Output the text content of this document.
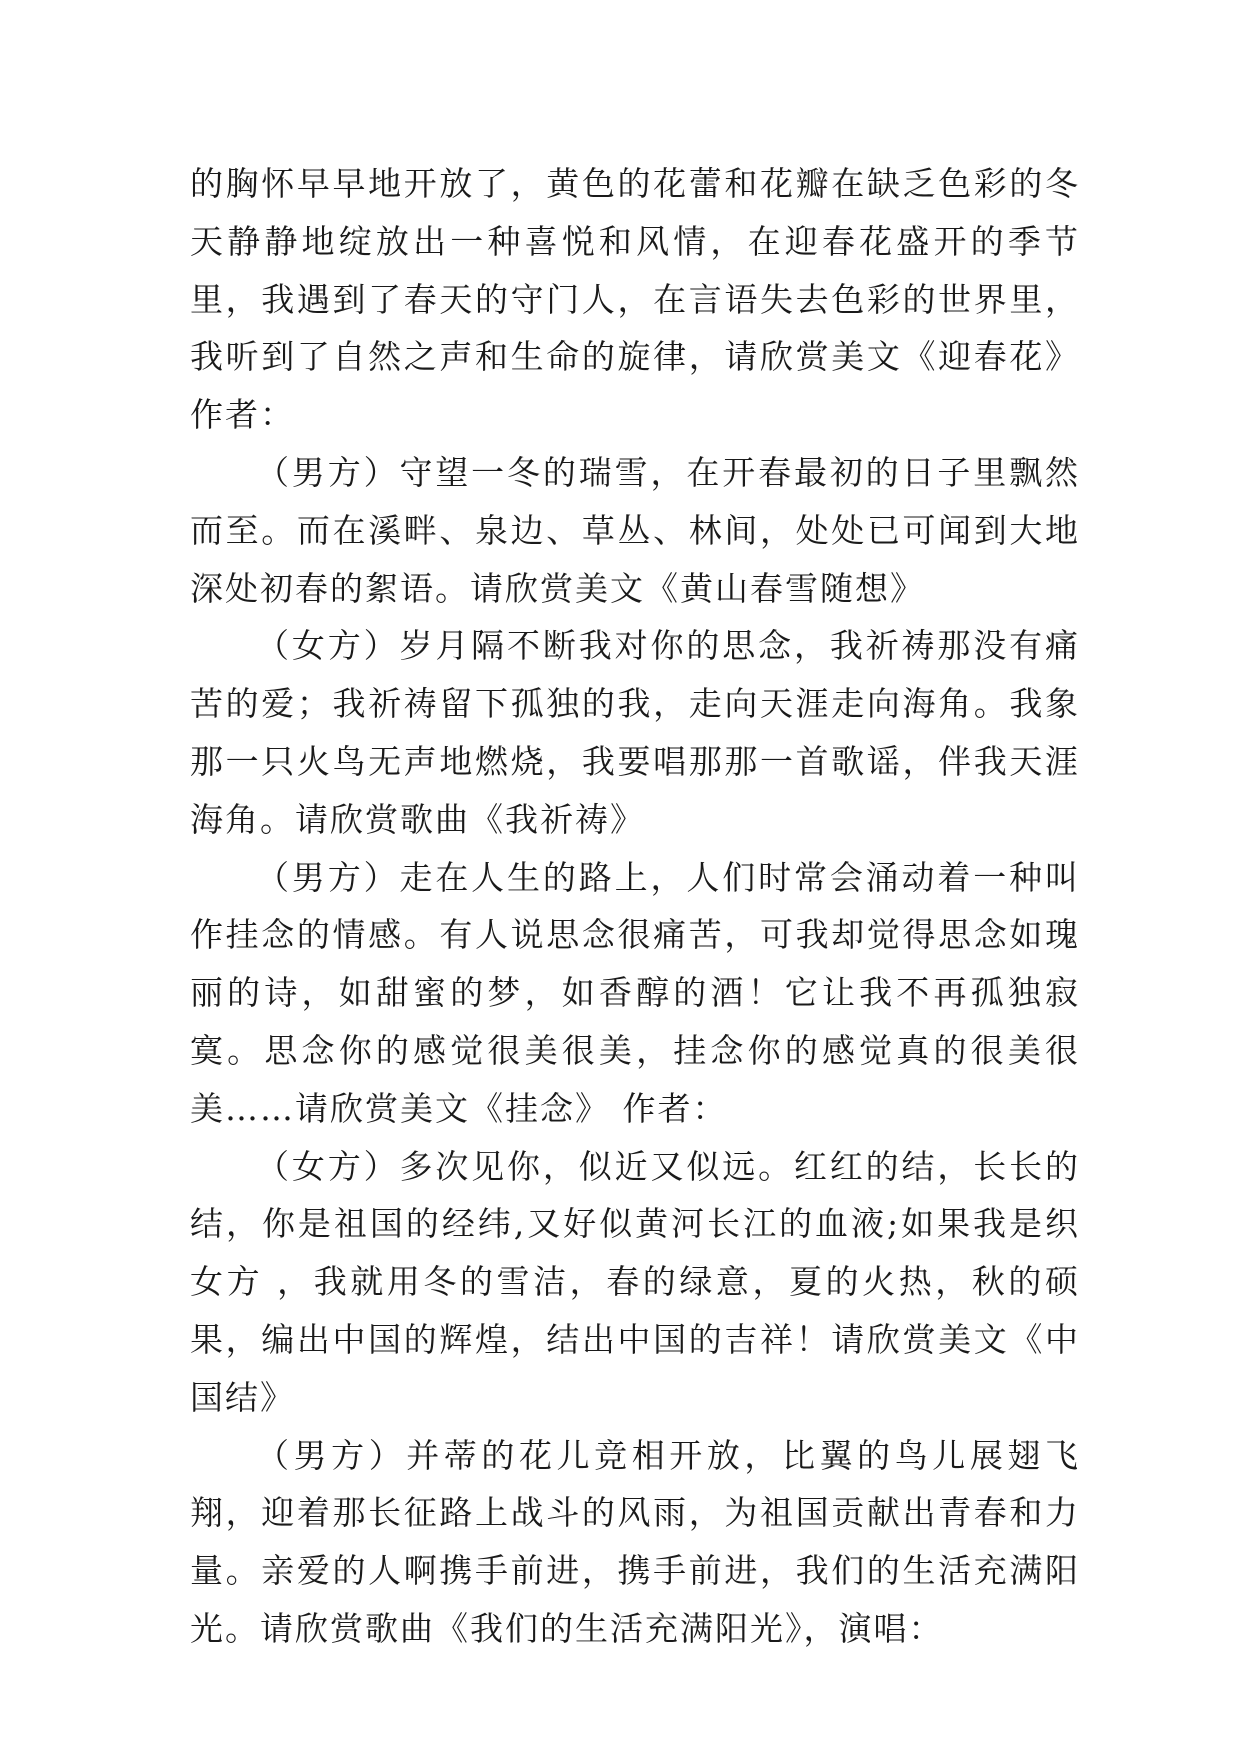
的胸怀早早地开放了，黄色的花蕾和花瓣在缺乏色彩的冬天静静地绽放出一种喜悦和风情，在迎春花盛开的季节里，我遇到了春天的守门人，在言语失去色彩的世界里，我听到了自然之声和生命的旋律，请欣赏美文《迎春花》 作者：

（男方）守望一冬的瑞雪，在开春最初的日子里飘然而至。而在溪畔、泉边、草丛、林间，处处已可闻到大地深处初春的絮语。请欣赏美文《黄山春雪随想》

（女方）岁月隔不断我对你的思念，我祈祷那没有痛苦的爱；我祈祷留下孤独的我，走向天涯走向海角。我象那一只火鸟无声地燃烧，我要唱那那一首歌谣，伴我天涯海角。请欣赏歌曲《我祈祷》

（男方）走在人生的路上，人们时常会涌动着一种叫作挂念的情感。有人说思念很痛苦，可我却觉得思念如瑰丽的诗，如甜蜜的梦，如香醇的酒！它让我不再孤独寂寞。思念你的感觉很美很美，挂念你的感觉真的很美很美……请欣赏美文《挂念》 作者：

（女方）多次见你，似近又似远。红红的结，长长的结，你是祖国的经纬,又好似黄河长江的血液;如果我是织女方 ，我就用冬的雪洁，春的绿意，夏的火热，秋的硕果，编出中国的辉煌，结出中国的吉祥！请欣赏美文《中国结》

（男方）并蒂的花儿竞相开放，比翼的鸟儿展翅飞翔，迎着那长征路上战斗的风雨，为祖国贡献出青春和力量。亲爱的人啊携手前进，携手前进，我们的生活充满阳光。请欣赏歌曲《我们的生活充满阳光》，演唱：
